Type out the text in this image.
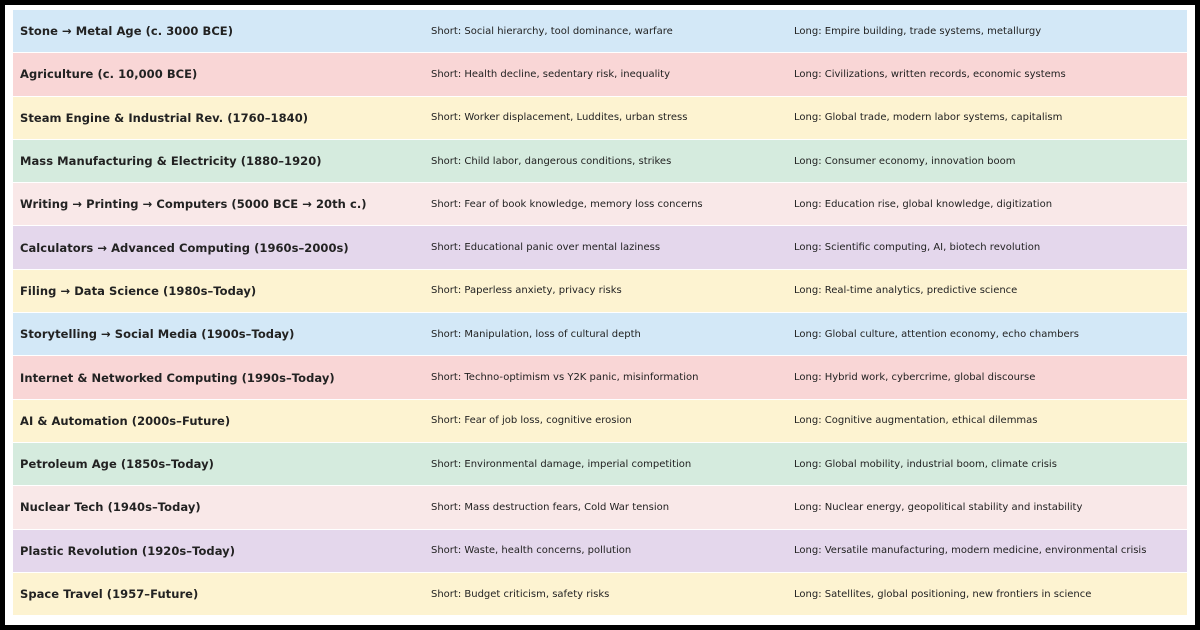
Stone → Metal Age (c. 3000 BCE)	Short: Social hierarchy, tool dominance, warfare	Long: Empire building, trade systems, metallurgy
Agriculture (c. 10,000 BCE)	Short: Health decline, sedentary risk, inequality	Long: Civilizations, written records, economic systems
Steam Engine & Industrial Rev. (1760–1840)	Short: Worker displacement, Luddites, urban stress	Long: Global trade, modern labor systems, capitalism
Mass Manufacturing & Electricity (1880–1920)	Short: Child labor, dangerous conditions, strikes	Long: Consumer economy, innovation boom
Writing → Printing → Computers (5000 BCE → 20th c.)	Short: Fear of book knowledge, memory loss concerns	Long: Education rise, global knowledge, digitization
Calculators → Advanced Computing (1960s–2000s)	Short: Educational panic over mental laziness	Long: Scientific computing, AI, biotech revolution
Filing → Data Science (1980s–Today)	Short: Paperless anxiety, privacy risks	Long: Real-time analytics, predictive science
Storytelling → Social Media (1900s–Today)	Short: Manipulation, loss of cultural depth	Long: Global culture, attention economy, echo chambers
Internet & Networked Computing (1990s–Today)	Short: Techno-optimism vs Y2K panic, misinformation	Long: Hybrid work, cybercrime, global discourse
AI & Automation (2000s–Future)	Short: Fear of job loss, cognitive erosion	Long: Cognitive augmentation, ethical dilemmas
Petroleum Age (1850s–Today)	Short: Environmental damage, imperial competition	Long: Global mobility, industrial boom, climate crisis
Nuclear Tech (1940s–Today)	Short: Mass destruction fears, Cold War tension	Long: Nuclear energy, geopolitical stability and instability
Plastic Revolution (1920s–Today)	Short: Waste, health concerns, pollution	Long: Versatile manufacturing, modern medicine, environmental crisis
Space Travel (1957–Future)	Short: Budget criticism, safety risks	Long: Satellites, global positioning, new frontiers in science
